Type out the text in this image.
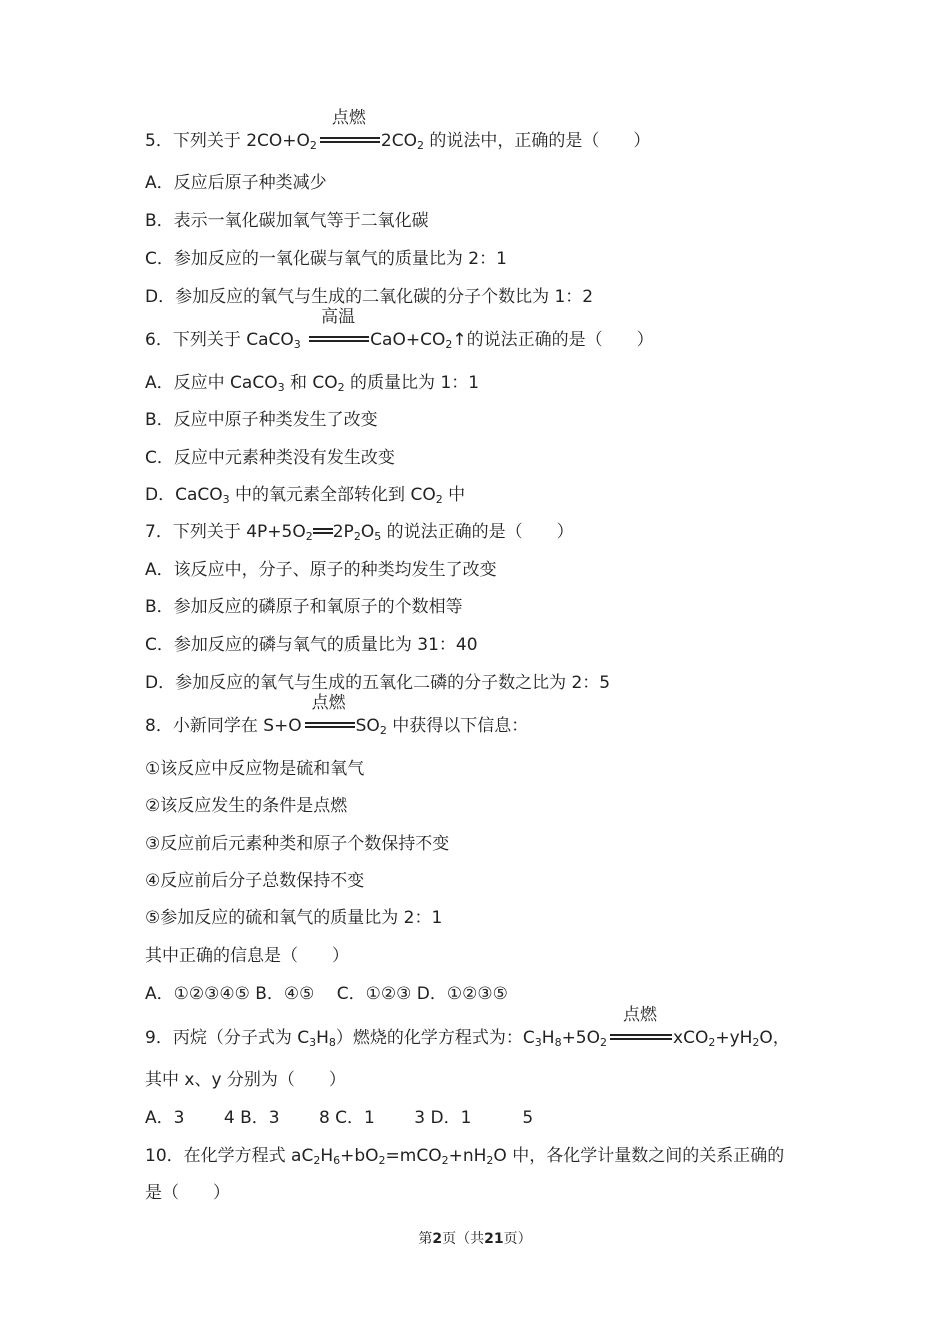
5．下列关于 $2CO+O_2$
点燃
$2CO_2$ 的说法中，正确的是（　　）
A．反应后原子种类减少
B．表示一氧化碳加氧气等于二氧化碳
C．参加反应的一氧化碳与氧气的质量比为 2：1
D．参加反应的氧气与生成的二氧化碳的分子个数比为 1：2
6．下列关于 CaCO$_3$
高温
$CaO+CO_2↑$的说法正确的是（　　）
A．反应中 CaCO$_3$ 和 $CO_2$ 的质量比为 1：1
B．反应中原子种类发生了改变
C．反应中元素种类没有发生改变
D．CaCO$_3$ 中的氧元素全部转化到 $CO_2$ 中
7．下列关于 $4P+5O_2$ $2P_2O_5$ 的说法正确的是（　　）
A．该反应中，分子、原子的种类均发生了改变
B．参加反应的磷原子和氧原子的个数相等
C．参加反应的磷与氧气的质量比为 31：40
D．参加反应的氧气与生成的五氧化二磷的分子数之比为 2：5
8．小新同学在 S+O
点燃
$SO_2$ 中获得以下信息：
①该反应中反应物是硫和氧气
②该反应发生的条件是点燃
③反应前后元素种类和原子个数保持不变
④反应前后分子总数保持不变
⑤参加反应的硫和氧气的质量比为 2：1
其中正确的信息是（　　）
A．①②③④⑤ B．④⑤　 C．①②③ D．①②③⑤
9．丙烷（分子式为 $C_3H_8$）燃烧的化学方程式为：$C_3H_8+5O_2$
点燃
$xCO_2+yH_2O$，
其中 x、y 分别为（　　）
A．3　　 4 B．3　　 8 C．1　　 3 D．1　　　5
10．在化学方程式 $aC_2H_6+bO_2=mCO_2+nH_2O$ 中，各化学计量数之间的关系正确的
是（　　）
第2页（共21页）
